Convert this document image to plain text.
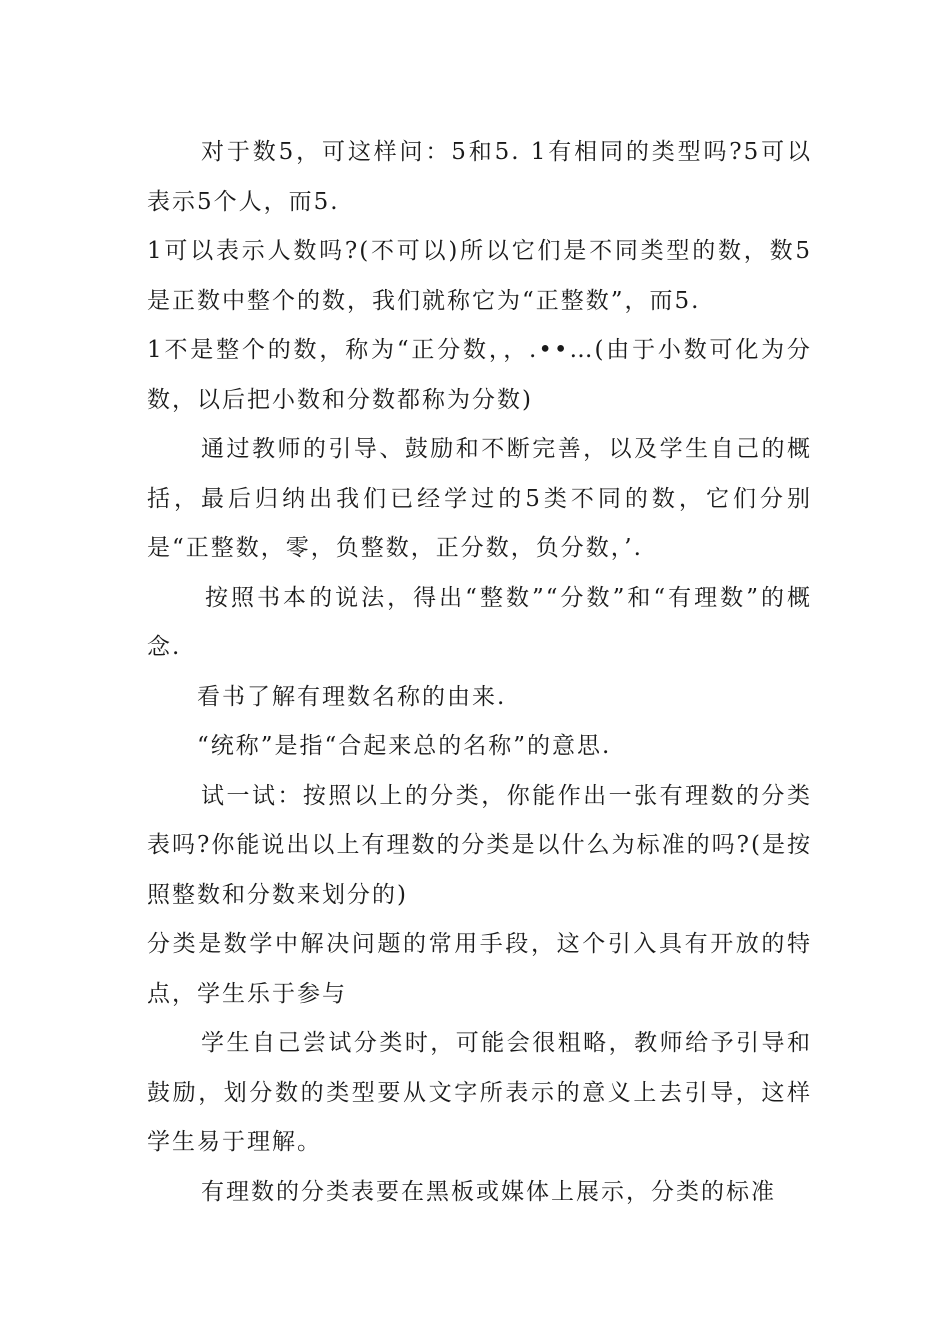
对于数5，可这样问：5和5. 1有相同的类型吗?5可以表示5个人，而5.

1可以表示人数吗?(不可以)所以它们是不同类型的数，数5是正数中整个的数，我们就称它为“正整数”，而5.

1不是整个的数，称为“正分数，，.••…(由于小数可化为分数，以后把小数和分数都称为分数)

通过教师的引导、鼓励和不断完善，以及学生自己的概括，最后归纳出我们已经学过的5类不同的数，它们分别是“正整数，零，负整数，正分数，负分数，’.

按照书本的说法，得出“整数”“分数”和“有理数”的概念.

看书了解有理数名称的由来.

“统称”是指“合起来总的名称”的意思.

试一试：按照以上的分类，你能作出一张有理数的分类表吗?你能说出以上有理数的分类是以什么为标准的吗?(是按照整数和分数来划分的)

分类是数学中解决问题的常用手段，这个引入具有开放的特点，学生乐于参与

学生自己尝试分类时，可能会很粗略，教师给予引导和鼓励，划分数的类型要从文字所表示的意义上去引导，这样学生易于理解。

有理数的分类表要在黑板或媒体上展示，分类的标准
